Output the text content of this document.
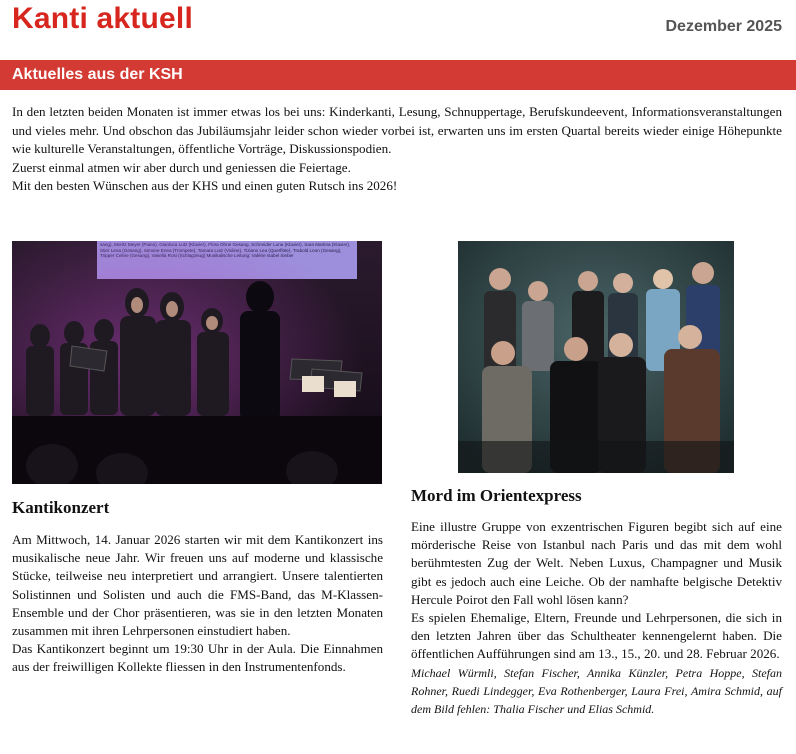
Kanti aktuell	Dezember 2025
Aktuelles aus der KSH
In den letzten beiden Monaten ist immer etwas los bei uns: Kinderkanti, Lesung, Schnuppertage, Berufskundeevent, Informationsveranstaltungen und vieles mehr. Und obschon das Jubiläumsjahr leider schon wieder vorbei ist, erwarten uns im ersten Quartal bereits wieder einige Höhepunkte wie kulturelle Veranstaltungen, öffentliche Vorträge, Diskussionspodien.
Zuerst einmal atmen wir aber durch und geniessen die Feiertage.
Mit den besten Wünschen aus der KHS und einen guten Rutsch ins 2026!
Kantikonzert
Am Mittwoch, 14. Januar 2026 starten wir mit dem Kantikonzert ins musikalische neue Jahr. Wir freuen uns auf moderne und klassische Stücke, teilweise neu interpretiert und arrangiert. Unsere talentierten Solistinnen und Solisten und auch die FMS-Band, das M-Klassen-Ensemble und der Chor präsentieren, was sie in den letzten Monaten zusammen mit ihren Lehrpersonen einstudiert haben.
Das Kantikonzert beginnt um 19:30 Uhr in der Aula. Die Einnahmen aus der freiwilligen Kollekte fliessen in den Instrumentenfonds.
Mord im Orientexpress
Eine illustre Gruppe von exzentrischen Figuren begibt sich auf eine mörderische Reise von Istanbul nach Paris und das mit dem wohl berühmtesten Zug der Welt. Neben Luxus, Champagner und Musik gibt es jedoch auch eine Leiche. Ob der namhafte belgische Detektiv Hercule Poirot den Fall wohl lösen kann?
Es spielen Ehemalige, Eltern, Freunde und Lehrpersonen, die sich in den letzten Jahren über das Schultheater kennengelernt haben. Die öffentlichen Aufführungen sind am 13., 15., 20. und 28. Februar 2026.
Michael Würmli, Stefan Fischer, Annika Künzler, Petra Hoppe, Stefan Rohner, Ruedi Lindegger, Eva Rothenberger, Laura Frei, Amira Schmid, auf dem Bild fehlen: Thalia Fischer und Elias Schmid.
